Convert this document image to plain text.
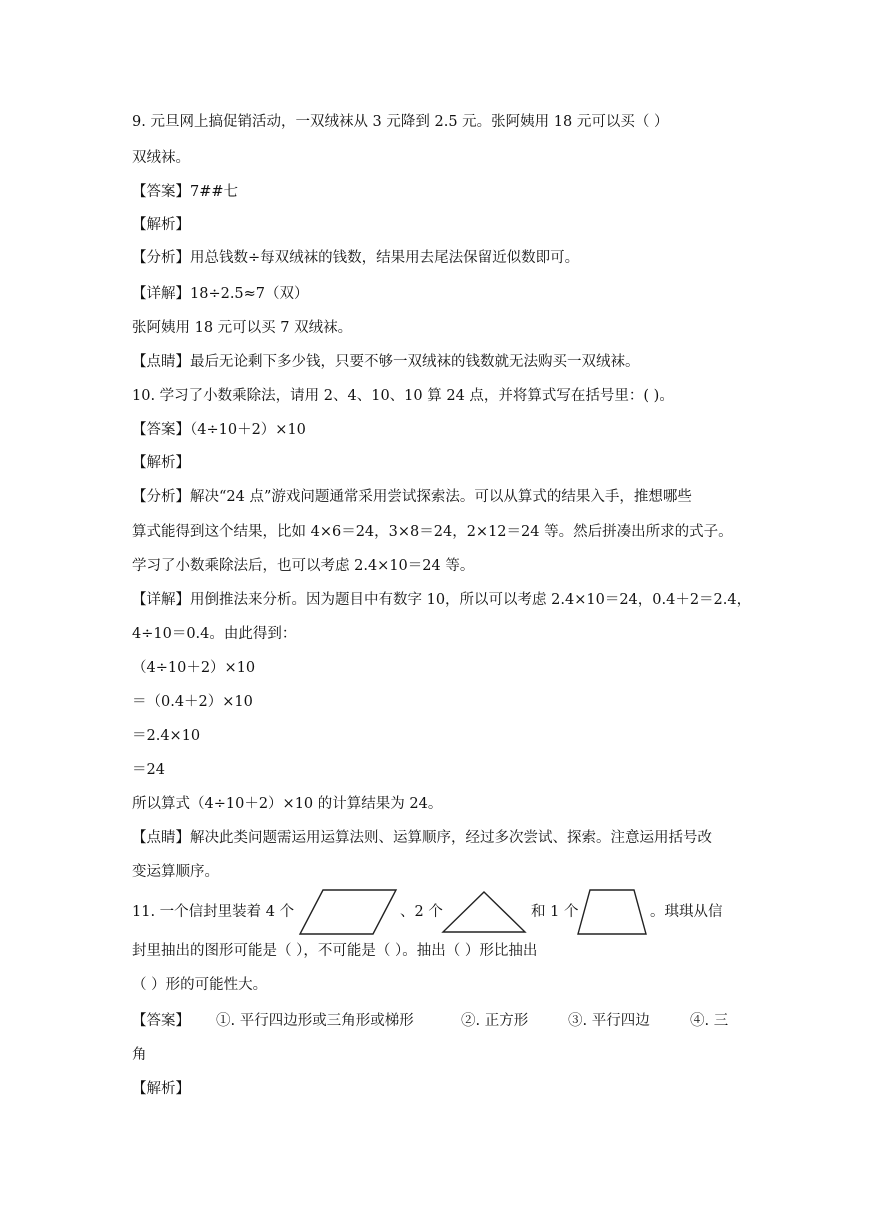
9. 元旦网上搞促销活动，一双绒袜从 3 元降到 2.5 元。张阿姨用 18 元可以买（ ）
双绒袜。
【答案】7##七
【解析】
【分析】用总钱数÷每双绒袜的钱数，结果用去尾法保留近似数即可。
【详解】18÷2.5≈7（双）
张阿姨用 18 元可以买 7 双绒袜。
【点睛】最后无论剩下多少钱，只要不够一双绒袜的钱数就无法购买一双绒袜。
10. 学习了小数乘除法，请用 2、4、10、10 算 24 点，并将算式写在括号里：( )。
【答案】（4÷10＋2）×10
【解析】
【分析】解决“24 点”游戏问题通常采用尝试探索法。可以从算式的结果入手，推想哪些
算式能得到这个结果，比如 4×6＝24，3×8＝24，2×12＝24 等。然后拼凑出所求的式子。
学习了小数乘除法后，也可以考虑 2.4×10＝24 等。
【详解】用倒推法来分析。因为题目中有数字 10，所以可以考虑 2.4×10＝24，0.4＋2＝2.4，
4÷10＝0.4。由此得到：
（4÷10＋2）×10
＝（0.4＋2）×10
＝2.4×10
＝24
所以算式（4÷10＋2）×10 的计算结果为 24。
【点睛】解决此类问题需运用运算法则、运算顺序，经过多次尝试、探索。注意运用括号改
变运算顺序。
11. 一个信封里装着 4 个	、2 个	和 1 个	。琪琪从信
封里抽出的图形可能是（ ），不可能是（ ）。抽出（ ）形比抽出
（ ）形的可能性大。
【答案】 ①. 平行四边形或三角形或梯形	②. 正方形	③. 平行四边	④. 三
角
【解析】
